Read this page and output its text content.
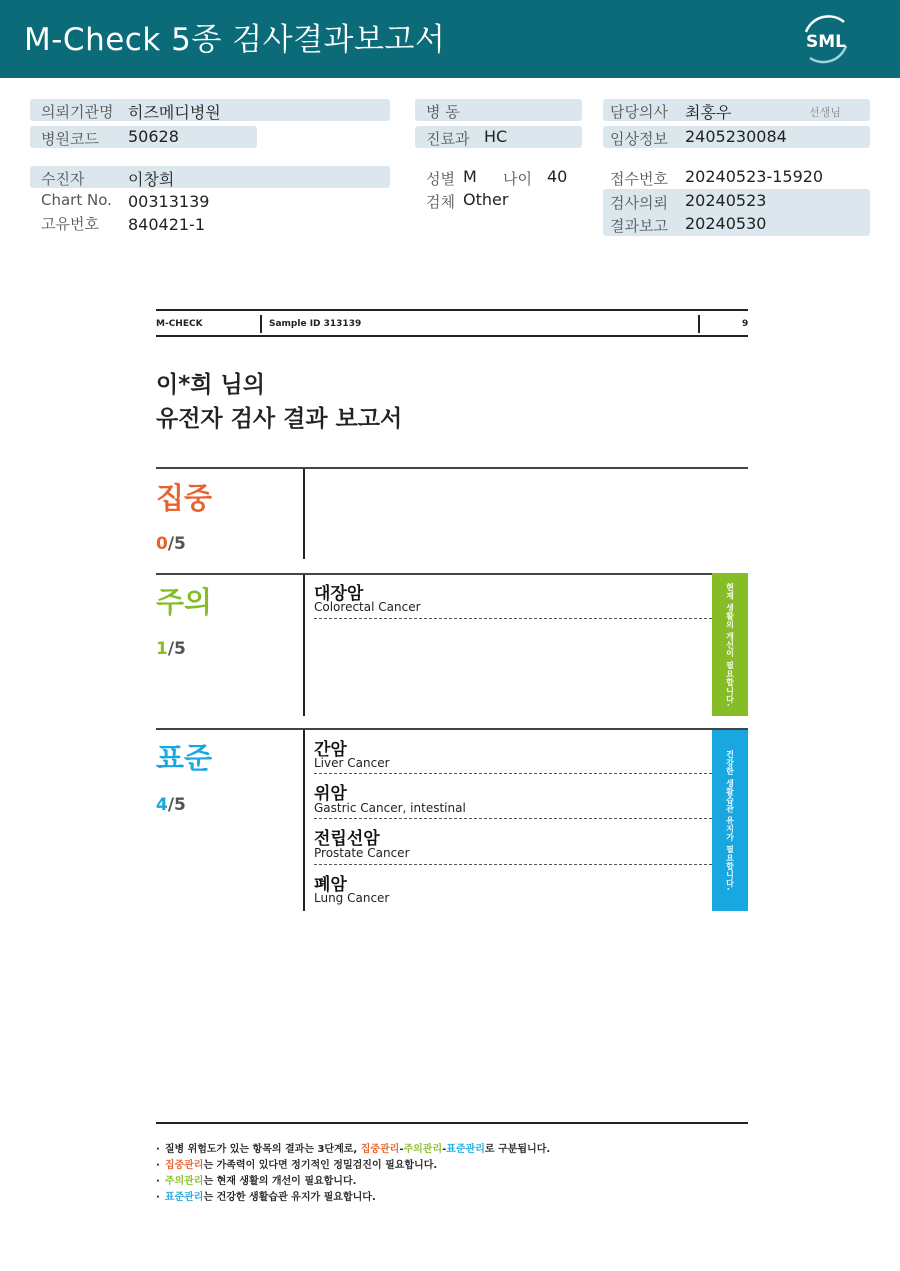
M-Check 5종 검사결과보고서	SML
의뢰기관명 히즈메디병원
병원코드 50628
병 동
진료과 HC
담당의사 최홍우	선생님
임상정보 2405230084
수진자	이창희
Chart No. 00313139
고유번호 840421-1
성별 M 나이 40
검체 Other
접수번호 20240523-15920
검사의뢰 20240523
결과보고 20240530
M-CHECK	Sample ID 313139	9
이*희 님의
유전자 검사 결과 보고서
집중
0/5
주의
1/5
대장암
Colorectal Cancer	현재 생활의 개선이 필요합니다.
표준
4/5
간암
Liver Cancer
위암
Gastric Cancer, intestinal
전립선암
Prostate Cancer
폐암
Lung Cancer
건강한 생활습관 유지가 필요합니다.
· 질병 위험도가 있는 항목의 결과는 3단계로, 집중관리-주의관리-표준관리로 구분됩니다.
· 집중관리는 가족력이 있다면 정기적인 정밀검진이 필요합니다.
· 주의관리는 현재 생활의 개선이 필요합니다.
· 표준관리는 건강한 생활습관 유지가 필요합니다.
